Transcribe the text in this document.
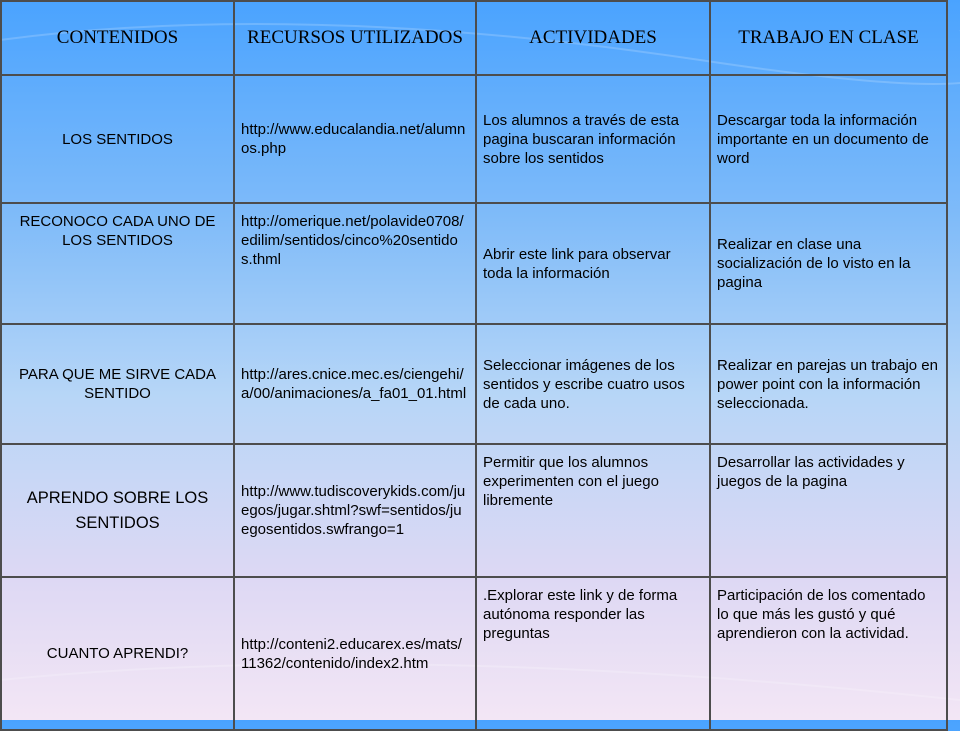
CONTENIDOS	RECURSOS UTILIZADOS	ACTIVIDADES	TRABAJO EN CLASE
LOS SENTIDOS	http://www.educalandia.net/alumnos.php	Los alumnos a través de esta pagina buscaran información sobre los sentidos	Descargar toda la información importante en un documento de word
RECONOCO CADA UNO DE LOS SENTIDOS	http://omerique.net/polavide0708/edilim/sentidos/cinco%20sentidos.thml	Abrir este link para observar toda la información	Realizar en clase una socialización de lo visto en la pagina
PARA QUE ME SIRVE CADA SENTIDO	http://ares.cnice.mec.es/ciengehi/a/00/animaciones/a_fa01_01.html	Seleccionar imágenes de los sentidos y escribe cuatro usos de cada uno.	Realizar en parejas un trabajo en power point con la información seleccionada.
APRENDO SOBRE LOS SENTIDOS	http://www.tudiscoverykids.com/juegos/jugar.shtml?swf=sentidos/juegosentidos.swfrango=1	Permitir que los alumnos experimenten con el juego libremente	Desarrollar las actividades y juegos de la pagina
CUANTO APRENDI?	http://conteni2.educarex.es/mats/11362/contenido/index2.htm	.Explorar este link y de forma autónoma responder las preguntas	Participación de los comentado lo que más les gustó y qué aprendieron con la actividad.
